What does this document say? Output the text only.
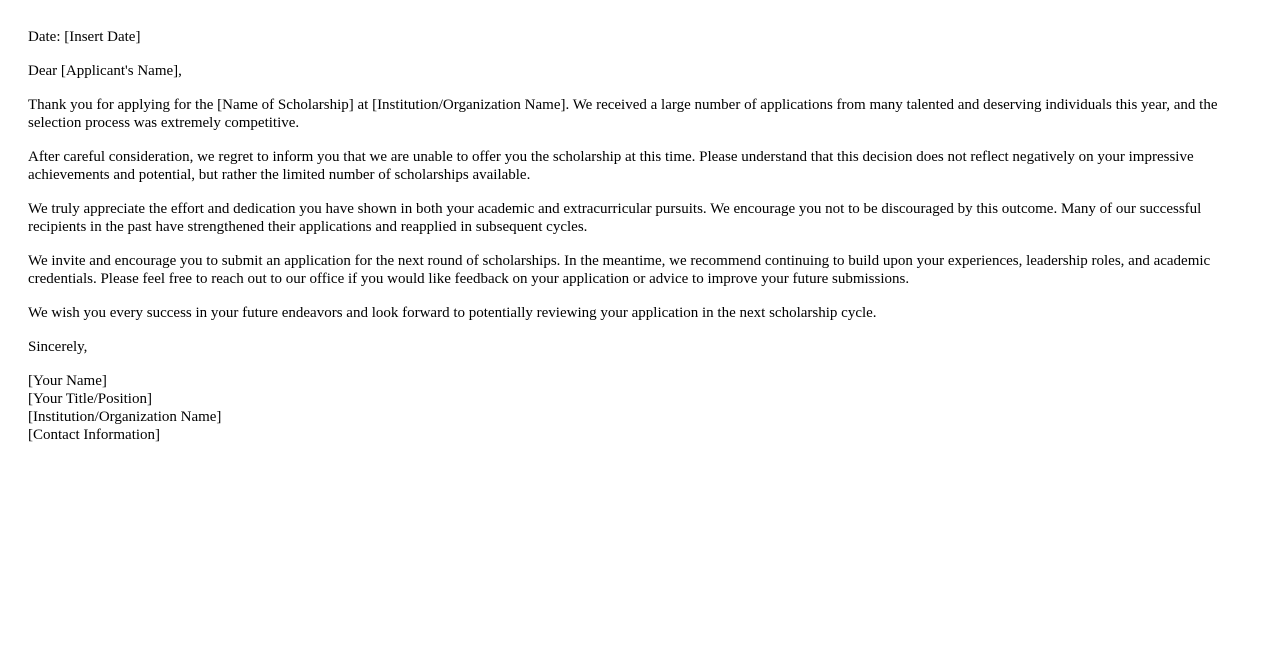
Date: [Insert Date]

Dear [Applicant's Name],

Thank you for applying for the [Name of Scholarship] at [Institution/Organization Name]. We received a large number of applications from many talented and deserving individuals this year, and the selection process was extremely competitive.

After careful consideration, we regret to inform you that we are unable to offer you the scholarship at this time. Please understand that this decision does not reflect negatively on your impressive achievements and potential, but rather the limited number of scholarships available.

We truly appreciate the effort and dedication you have shown in both your academic and extracurricular pursuits. We encourage you not to be discouraged by this outcome. Many of our successful recipients in the past have strengthened their applications and reapplied in subsequent cycles.

We invite and encourage you to submit an application for the next round of scholarships. In the meantime, we recommend continuing to build upon your experiences, leadership roles, and academic credentials. Please feel free to reach out to our office if you would like feedback on your application or advice to improve your future submissions.

We wish you every success in your future endeavors and look forward to potentially reviewing your application in the next scholarship cycle.

Sincerely,

[Your Name]
[Your Title/Position]
[Institution/Organization Name]
[Contact Information]
